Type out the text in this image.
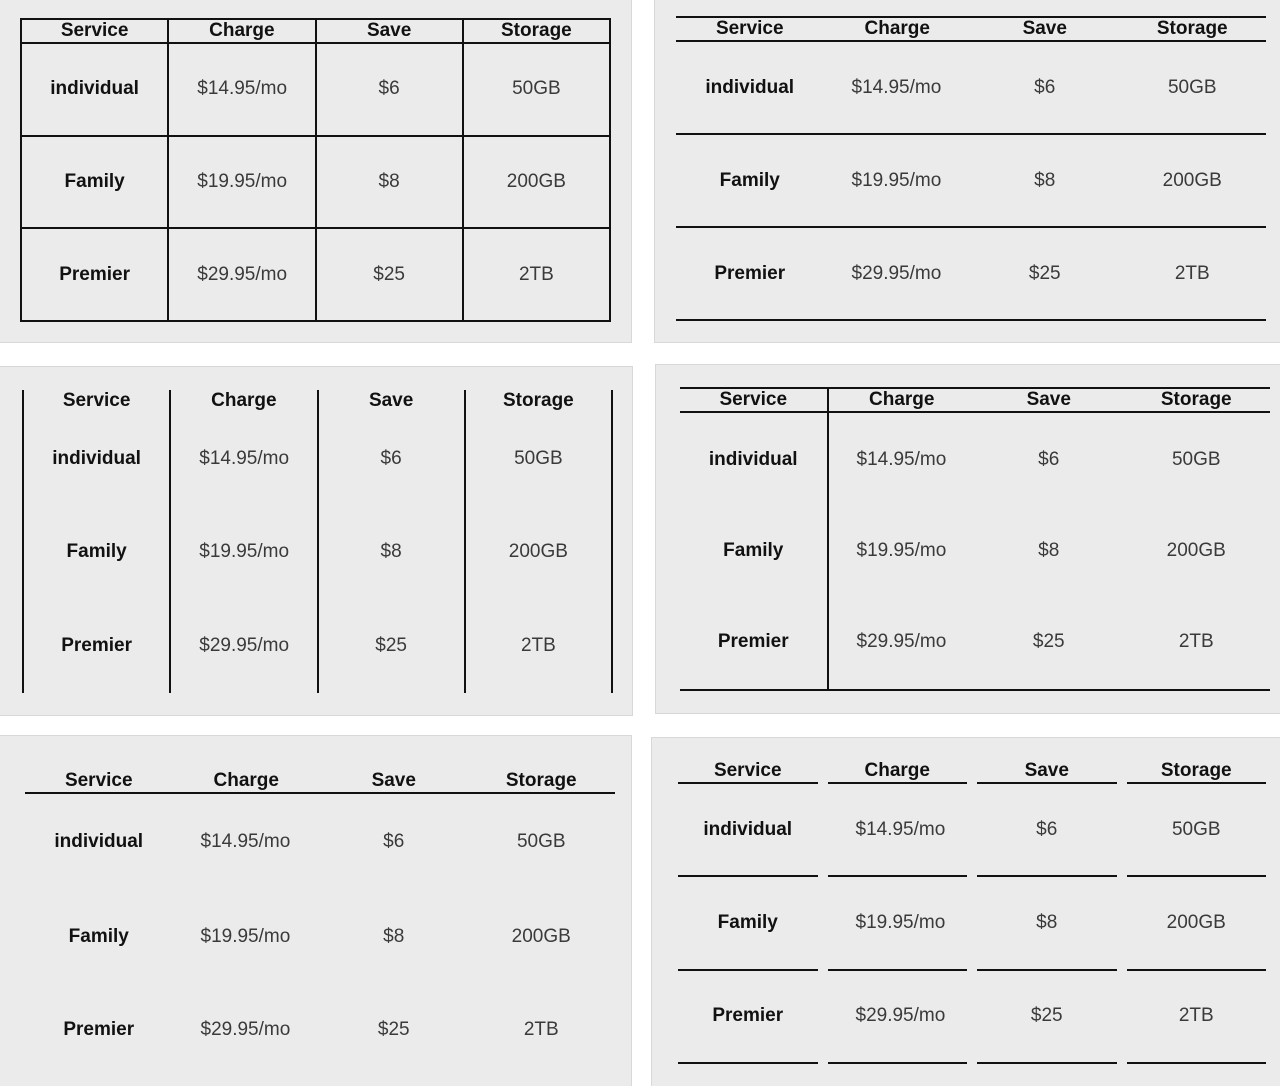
Service	Charge	Save	Storage
individual	$14.95/mo	$6	50GB
Family	$19.95/mo	$8	200GB
Premier	$29.95/mo	$25	2TB
Service	Charge	Save	Storage
individual	$14.95/mo	$6	50GB
Family	$19.95/mo	$8	200GB
Premier	$29.95/mo	$25	2TB
Service	Charge	Save	Storage
individual	$14.95/mo	$6	50GB
Family	$19.95/mo	$8	200GB
Premier	$29.95/mo	$25	2TB
Service	Charge	Save	Storage
individual	$14.95/mo	$6	50GB
Family	$19.95/mo	$8	200GB
Premier	$29.95/mo	$25	2TB
Service	Charge	Save	Storage
individual	$14.95/mo	$6	50GB
Family	$19.95/mo	$8	200GB
Premier	$29.95/mo	$25	2TB
Service	Charge	Save	Storage
individual	$14.95/mo	$6	50GB
Family	$19.95/mo	$8	200GB
Premier	$29.95/mo	$25	2TB
